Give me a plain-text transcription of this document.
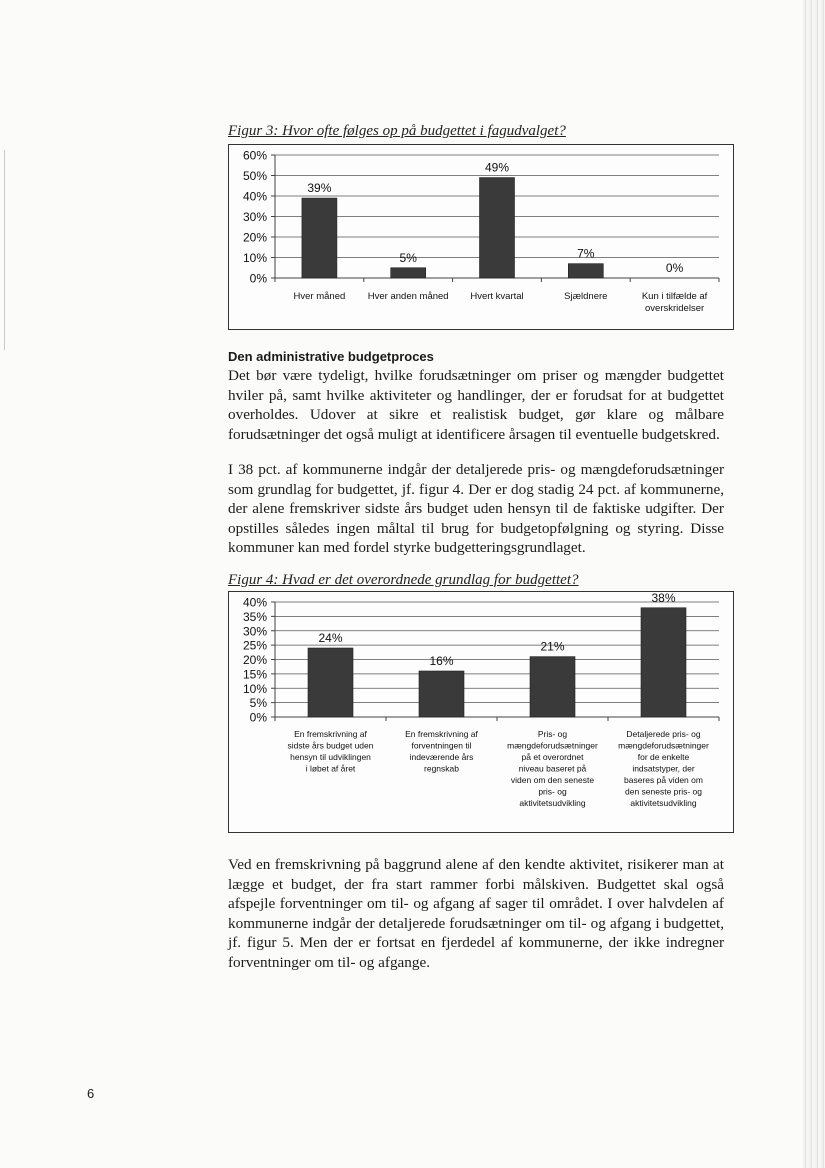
Figur 3: Hvor ofte følges op på budgettet i fagudvalget?
0%
10%
20%
30%
40%
50%
60%
39%
Hver måned
5%
Hver anden måned
49%
Hvert kvartal
7%
Sjældnere
0%
Kun i tilfælde af overskridelser
Den administrative budgetproces

Det bør være tydeligt, hvilke forudsætninger om priser og mængder budgettet hviler på, samt hvilke aktiviteter og handlinger, der er forudsat for at budgettet overholdes. Udover at sikre et realistisk budget, gør klare og målbare forudsætninger det også muligt at identificere årsagen til eventuelle budgetskred.

I 38 pct. af kommunerne indgår der detaljerede pris- og mængdeforudsætninger som grundlag for budgettet, jf. figur 4. Der er dog stadig 24 pct. af kommunerne, der alene fremskriver sidste års budget uden hensyn til de faktiske udgifter. Der opstilles således ingen måltal til brug for budgetopfølgning og styring. Disse kommuner kan med fordel styrke budgetteringsgrundlaget.

Figur 4: Hvad er det overordnede grundlag for budgettet?
0%
5%
10%
15%
20%
25%
30%
35%
40%
24%
En fremskrivning af sidste års budget uden hensyn til udviklingen i løbet af året
16%
En fremskrivning af forventningen til indeværende års regnskab
21%
Pris- og mængdeforudsætninger på et overordnet niveau baseret på viden om den seneste pris- og aktivitetsudvikling
38%
Detaljerede pris- og mængdeforudsætninger for de enkelte indsatstyper, der baseres på viden om den seneste pris- og aktivitetsudvikling

Ved en fremskrivning på baggrund alene af den kendte aktivitet, risikerer man at lægge et budget, der fra start rammer forbi målskiven. Budgettet skal også afspejle forventninger om til- og afgang af sager til området. I over halvdelen af kommunerne indgår der detaljerede forudsætninger om til- og afgang i budgettet, jf. figur 5. Men der er fortsat en fjerdedel af kommunerne, der ikke indregner forventninger om til- og afgange.

6
